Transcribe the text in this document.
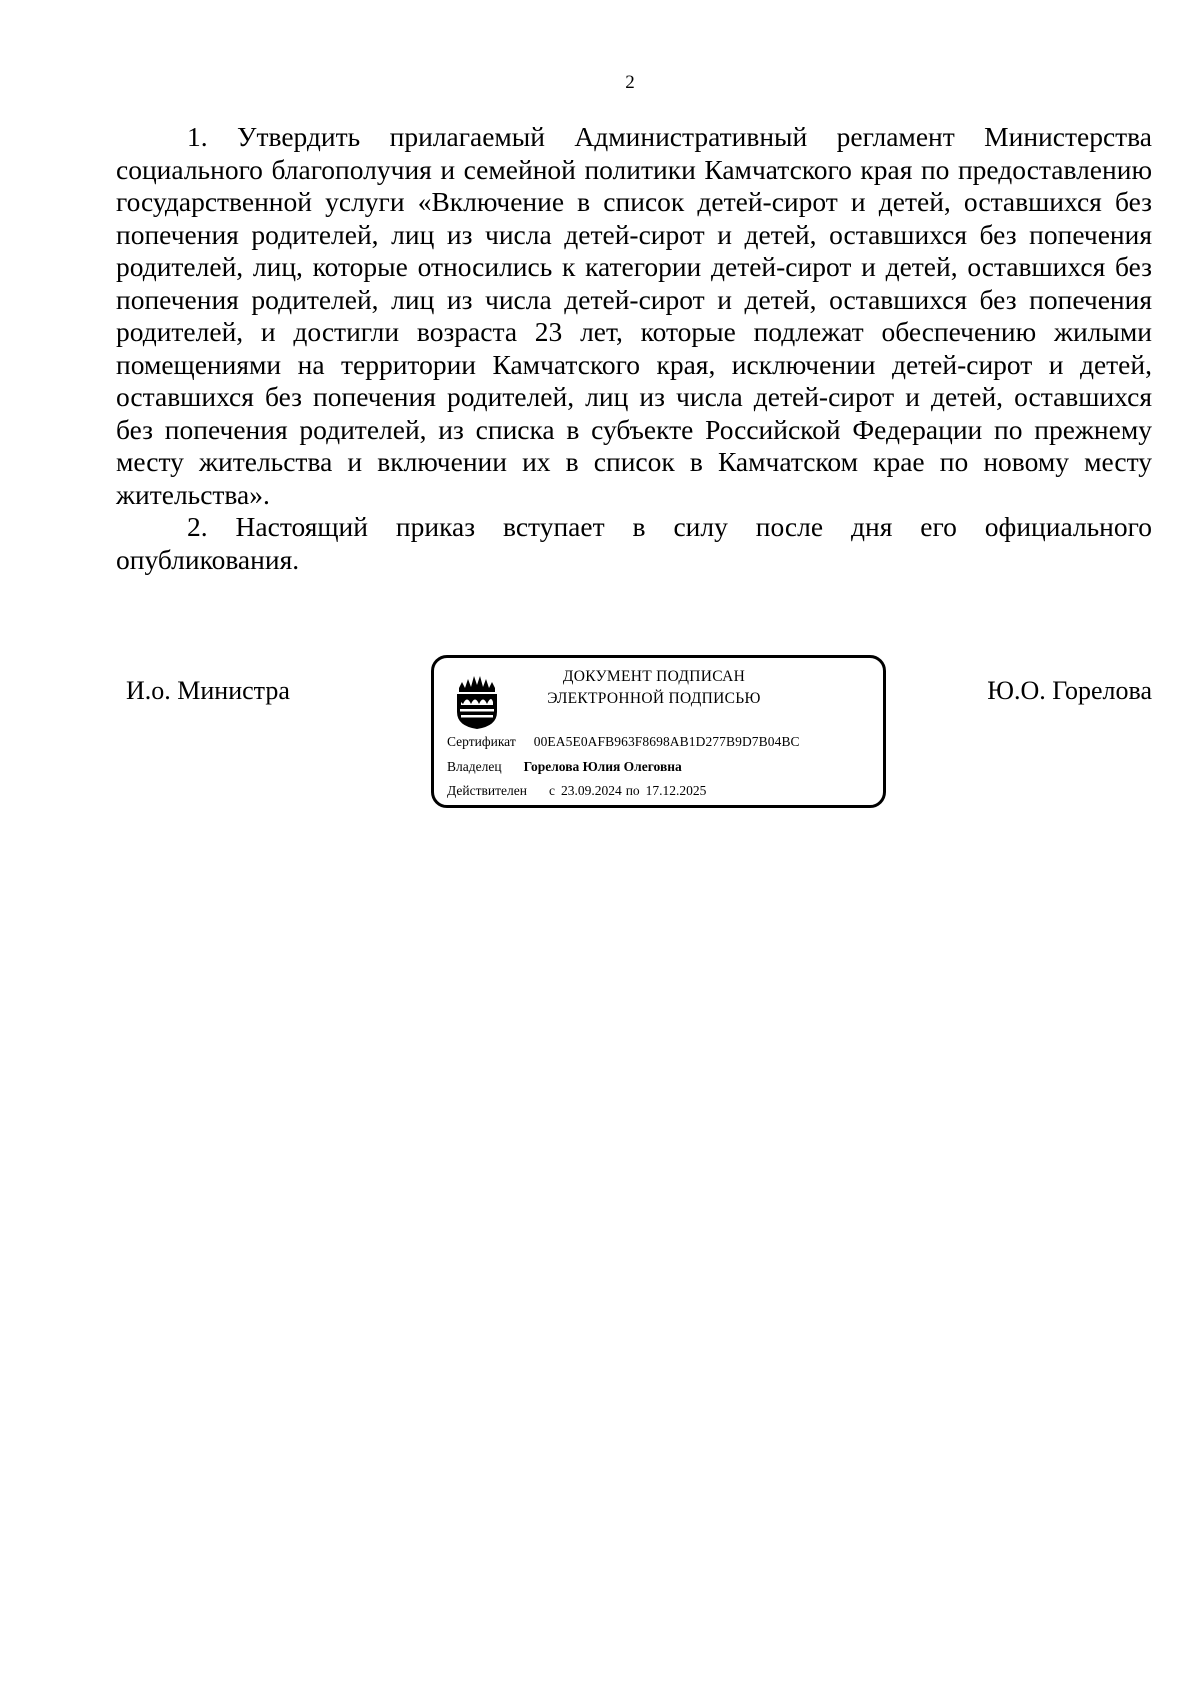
2

1. Утвердить прилагаемый Административный регламент Министерства социального благополучия и семейной политики Камчатского края по предоставлению государственной услуги «Включение в список детей-сирот и детей, оставшихся без попечения родителей, лиц из числа детей-сирот и детей, оставшихся без попечения родителей, лиц, которые относились к категории детей-сирот и детей, оставшихся без попечения родителей, лиц из числа детей-сирот и детей, оставшихся без попечения родителей, и достигли возраста 23 лет, которые подлежат обеспечению жилыми помещениями на территории Камчатского края, исключении детей-сирот и детей, оставшихся без попечения родителей, лиц из числа детей-сирот и детей, оставшихся без попечения родителей, из списка в субъекте Российской Федерации по прежнему месту жительства и включении их в список в Камчатском крае по новому месту жительства».

2. Настоящий приказ вступает в силу после дня его официального опубликования.

И.о. Министра	ДОКУМЕНТ ПОДПИСАН
ЭЛЕКТРОННОЙ ПОДПИСЬЮ
Сертификат 00EA5E0AFB963F8698AB1D277B9D7B04BC
Владелец Горелова Юлия Олеговна
Действителен с 23.09.2024 по 17.12.2025
Ю.О. Горелова
